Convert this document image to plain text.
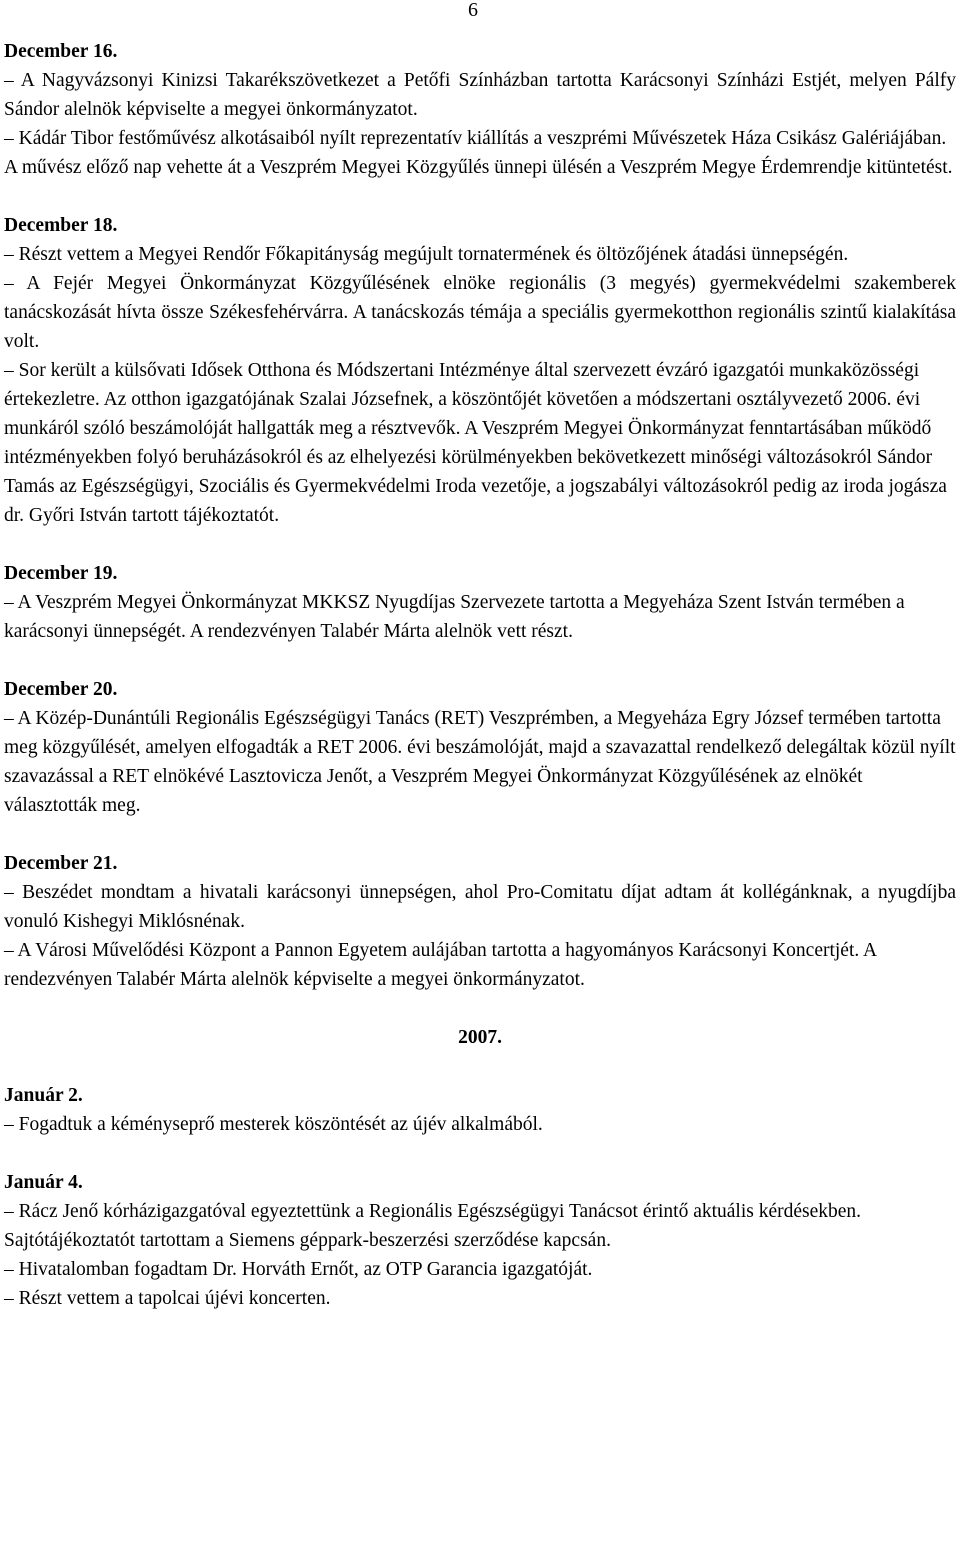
6
December 16.
– A Nagyvázsonyi Kinizsi Takarékszövetkezet a Petőfi Színházban tartotta Karácsonyi Színházi Estjét, melyen Pálfy Sándor alelnök képviselte a megyei önkormányzatot.
– Kádár Tibor festőművész alkotásaiból nyílt reprezentatív kiállítás a veszprémi Művészetek Háza Csikász Galériájában. A művész előző nap vehette át a Veszprém Megyei Közgyűlés ünnepi ülésén a Veszprém Megye Érdemrendje kitüntetést.
December 18.
– Részt vettem a Megyei Rendőr Főkapitányság megújult tornatermének és öltözőjének átadási ünnepségén.
– A Fejér Megyei Önkormányzat Közgyűlésének elnöke regionális (3 megyés) gyermekvédelmi szakemberek tanácskozását hívta össze Székesfehérvárra. A tanácskozás témája a speciális gyermekotthon regionális szintű kialakítása volt.
– Sor került a külsővati Idősek Otthona és Módszertani Intézménye által szervezett évzáró igazgatói munkaközösségi értekezletre. Az otthon igazgatójának Szalai Józsefnek, a köszöntőjét követően a módszertani osztályvezető 2006. évi munkáról szóló beszámolóját hallgatták meg a résztvevők. A Veszprém Megyei Önkormányzat fenntartásában működő intézményekben folyó beruházásokról és az elhelyezési körülményekben bekövetkezett minőségi változásokról Sándor Tamás az Egészségügyi, Szociális és Gyermekvédelmi Iroda vezetője, a jogszabályi változásokról pedig az iroda jogásza dr. Győri István tartott tájékoztatót.
December 19.
– A Veszprém Megyei Önkormányzat MKKSZ Nyugdíjas Szervezete tartotta a Megyeháza Szent István termében a karácsonyi ünnepségét. A rendezvényen Talabér Márta alelnök vett részt.
December 20.
– A Közép-Dunántúli Regionális Egészségügyi Tanács (RET) Veszprémben, a Megyeháza Egry József termében tartotta meg közgyűlését, amelyen elfogadták a RET 2006. évi beszámolóját, majd a szavazattal rendelkező delegáltak közül nyílt szavazással a RET elnökévé Lasztovicza Jenőt, a Veszprém Megyei Önkormányzat Közgyűlésének az elnökét választották meg.
December 21.
– Beszédet mondtam a hivatali karácsonyi ünnepségen, ahol Pro-Comitatu díjat adtam át kollégánknak, a nyugdíjba vonuló Kishegyi Miklósnénak.
– A Városi Művelődési Központ a Pannon Egyetem aulájában tartotta a hagyományos Karácsonyi Koncertjét. A rendezvényen Talabér Márta alelnök képviselte a megyei önkormányzatot.
2007.
Január 2.
– Fogadtuk a kéményseprő mesterek köszöntését az újév alkalmából.
Január 4.
– Rácz Jenő kórházigazgatóval egyeztettünk a Regionális Egészségügyi Tanácsot érintő aktuális kérdésekben. Sajtótájékoztatót tartottam a Siemens géppark-beszerzési szerződése kapcsán.
– Hivatalomban fogadtam Dr. Horváth Ernőt, az OTP Garancia igazgatóját.
– Részt vettem a tapolcai újévi koncerten.
